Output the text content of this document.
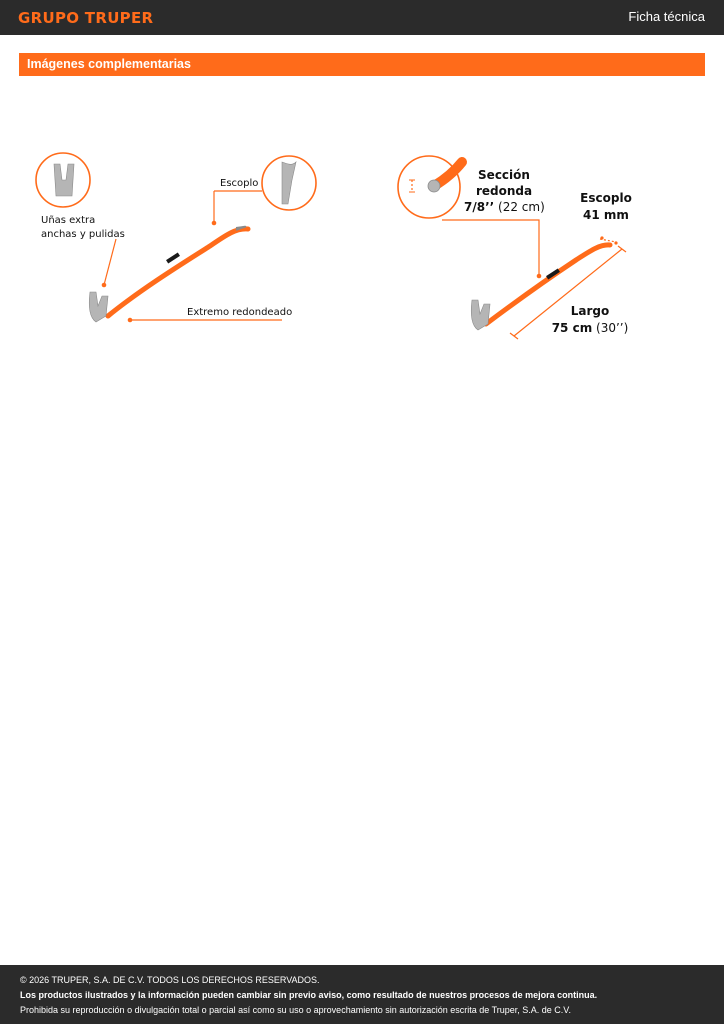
GRUPO TRUPER	Ficha técnica
Imágenes complementarias
Uñas extra
anchas y pulidas
Escoplo
Extremo redondeado
Sección
redonda
7/8’’ (22 cm)
Escoplo
41 mm
Largo
75 cm (30’’)
© 2026 TRUPER, S.A. DE C.V. TODOS LOS DERECHOS RESERVADOS.
Los productos ilustrados y la información pueden cambiar sin previo aviso, como resultado de nuestros procesos de mejora continua.
Prohibida su reproducción o divulgación total o parcial así como su uso o aprovechamiento sin autorización escrita de Truper, S.A. de C.V.
